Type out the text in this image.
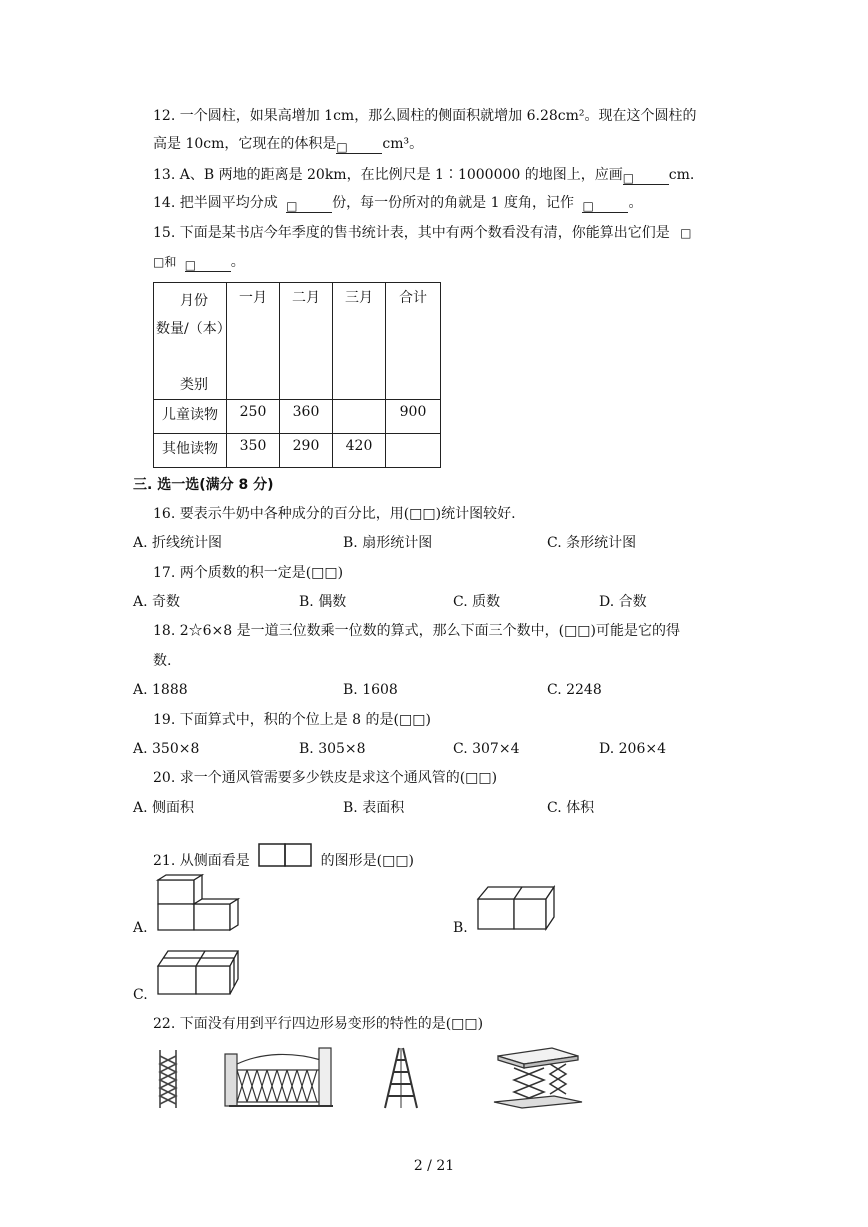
12. 一个圆柱，如果高增加 1cm，那么圆柱的侧面积就增加 6.28cm²。现在这个圆柱的
高是 10cm，它现在的体积是□ cm³。
13. A、B 两地的距离是 20km，在比例尺是 1∶1000000 的地图上，应画□ cm.
14. 把半圆平均分成 □ 份，每一份所对的角就是 1 度角，记作 □ 。
15. 下面是某书店今年季度的售书统计表，其中有两个数看没有清，你能算出它们是 □
□和 □ 。
月份
数量/（本）
类别	一月	二月	三月	合计
儿童读物	250	360		900
其他读物	350	290	420	
三. 选一选(满分 8 分)
16. 要表示牛奶中各种成分的百分比，用(□□)统计图较好.
A. 折线统计图	B. 扇形统计图	C. 条形统计图
17. 两个质数的积一定是(□□)
A. 奇数	B. 偶数	C. 质数	D. 合数
18. 2☆6×8 是一道三位数乘一位数的算式，那么下面三个数中，(□□)可能是它的得
数.
A. 1888	B. 1608	C. 2248
19. 下面算式中，积的个位上是 8 的是(□□)
A. 350×8	B. 305×8	C. 307×4	D. 206×4
20. 求一个通风管需要多少铁皮是求这个通风管的(□□)
A. 侧面积	B. 表面积	C. 体积
21. 从侧面看是	的图形是(□□)
A.	B.
C.
22. 下面没有用到平行四边形易变形的特性的是(□□)
2 / 21
